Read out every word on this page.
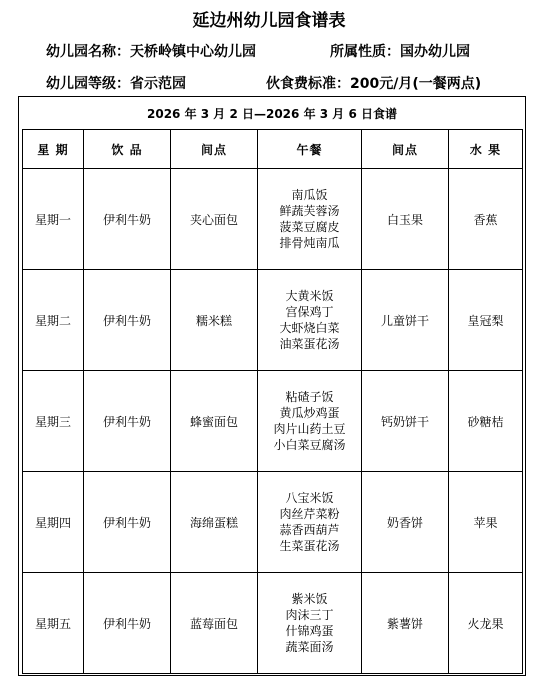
延边州幼儿园食谱表
幼儿园名称：天桥岭镇中心幼儿园	所属性质：国办幼儿园
幼儿园等级：省示范园	伙食费标准：200元/月(一餐两点)
2026 年 3 月 2 日—2026 年 3 月 6 日食谱
星 期	饮 品	间点	午餐	间点	水 果
星期一	伊利牛奶	夹心面包	南瓜饭
鲜蔬芙蓉汤
菠菜豆腐皮
排骨炖南瓜	白玉果	香蕉
星期二	伊利牛奶	糯米糕	大黄米饭
宫保鸡丁
大虾烧白菜
油菜蛋花汤	儿童饼干	皇冠梨
星期三	伊利牛奶	蜂蜜面包	粘碴子饭
黄瓜炒鸡蛋
肉片山药土豆
小白菜豆腐汤	钙奶饼干	砂糖桔
星期四	伊利牛奶	海绵蛋糕	八宝米饭
肉丝芹菜粉
蒜香西葫芦
生菜蛋花汤	奶香饼	苹果
星期五	伊利牛奶	蓝莓面包	紫米饭
肉沫三丁
什锦鸡蛋
蔬菜面汤	紫薯饼	火龙果
